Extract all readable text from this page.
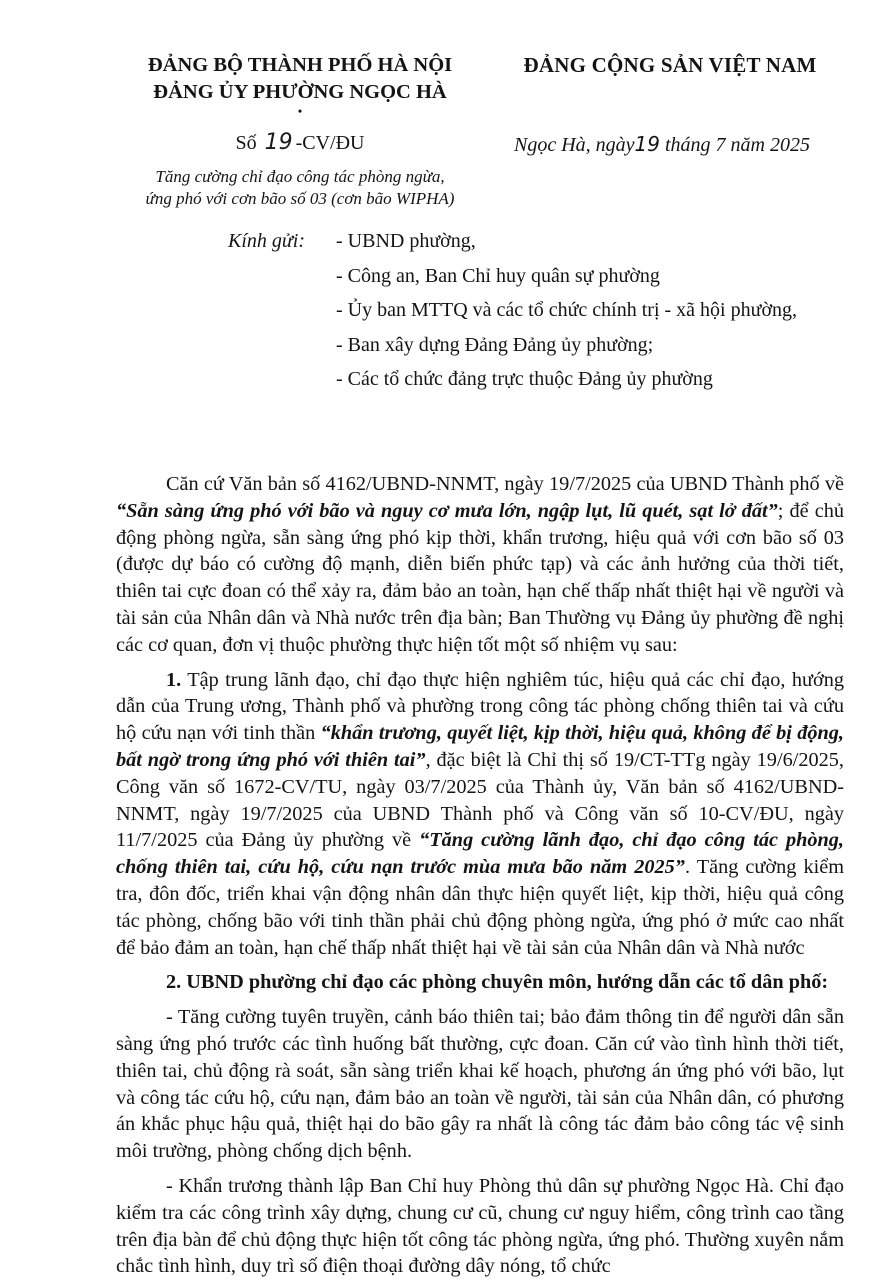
ĐẢNG BỘ THÀNH PHỐ HÀ NỘI
ĐẢNG ỦY PHƯỜNG NGỌC HÀ
•
Số 19 -CV/ĐU
Tăng cường chỉ đạo công tác phòng ngừa,
ứng phó với cơn bão số 03 (cơn bão WIPHA)
ĐẢNG CỘNG SẢN VIỆT NAM
Ngọc Hà, ngày19 tháng 7 năm 2025
Kính gửi:	- UBND phường,
- Công an, Ban Chỉ huy quân sự phường
- Ủy ban MTTQ và các tổ chức chính trị - xã hội phường,
- Ban xây dựng Đảng Đảng ủy phường;
- Các tổ chức đảng trực thuộc Đảng ủy phường

Căn cứ Văn bản số 4162/UBND-NNMT, ngày 19/7/2025 của UBND Thành phố về “Sẵn sàng ứng phó với bão và nguy cơ mưa lớn, ngập lụt, lũ quét, sạt lở đất”; để chủ động phòng ngừa, sẵn sàng ứng phó kịp thời, khẩn trương, hiệu quả với cơn bão số 03 (được dự báo có cường độ mạnh, diễn biến phức tạp) và các ảnh hưởng của thời tiết, thiên tai cực đoan có thể xảy ra, đảm bảo an toàn, hạn chế thấp nhất thiệt hại về người và tài sản của Nhân dân và Nhà nước trên địa bàn; Ban Thường vụ Đảng ủy phường đề nghị các cơ quan, đơn vị thuộc phường thực hiện tốt một số nhiệm vụ sau:

1. Tập trung lãnh đạo, chỉ đạo thực hiện nghiêm túc, hiệu quả các chỉ đạo, hướng dẫn của Trung ương, Thành phố và phường trong công tác phòng chống thiên tai và cứu hộ cứu nạn với tinh thần “khẩn trương, quyết liệt, kịp thời, hiệu quả, không để bị động, bất ngờ trong ứng phó với thiên tai”, đặc biệt là Chỉ thị số 19/CT-TTg ngày 19/6/2025, Công văn số 1672-CV/TU, ngày 03/7/2025 của Thành ủy, Văn bản số 4162/UBND-NNMT, ngày 19/7/2025 của UBND Thành phố và Công văn số 10-CV/ĐU, ngày 11/7/2025 của Đảng ủy phường về “Tăng cường lãnh đạo, chỉ đạo công tác phòng, chống thiên tai, cứu hộ, cứu nạn trước mùa mưa bão năm 2025”. Tăng cường kiểm tra, đôn đốc, triển khai vận động nhân dân thực hiện quyết liệt, kịp thời, hiệu quả công tác phòng, chống bão với tinh thần phải chủ động phòng ngừa, ứng phó ở mức cao nhất để bảo đảm an toàn, hạn chế thấp nhất thiệt hại về tài sản của Nhân dân và Nhà nước

2. UBND phường chỉ đạo các phòng chuyên môn, hướng dẫn các tổ dân phố:

- Tăng cường tuyên truyền, cảnh báo thiên tai; bảo đảm thông tin để người dân sẵn sàng ứng phó trước các tình huống bất thường, cực đoan. Căn cứ vào tình hình thời tiết, thiên tai, chủ động rà soát, sẵn sàng triển khai kế hoạch, phương án ứng phó với bão, lụt và công tác cứu hộ, cứu nạn, đảm bảo an toàn về người, tài sản của Nhân dân, có phương án khắc phục hậu quả, thiệt hại do bão gây ra nhất là công tác đảm bảo công tác vệ sinh môi trường, phòng chống dịch bệnh.

- Khẩn trương thành lập Ban Chỉ huy Phòng thủ dân sự phường Ngọc Hà. Chỉ đạo kiểm tra các công trình xây dựng, chung cư cũ, chung cư nguy hiểm, công trình cao tầng trên địa bàn để chủ động thực hiện tốt công tác phòng ngừa, ứng phó. Thường xuyên nắm chắc tình hình, duy trì số điện thoại đường dây nóng, tổ chức
